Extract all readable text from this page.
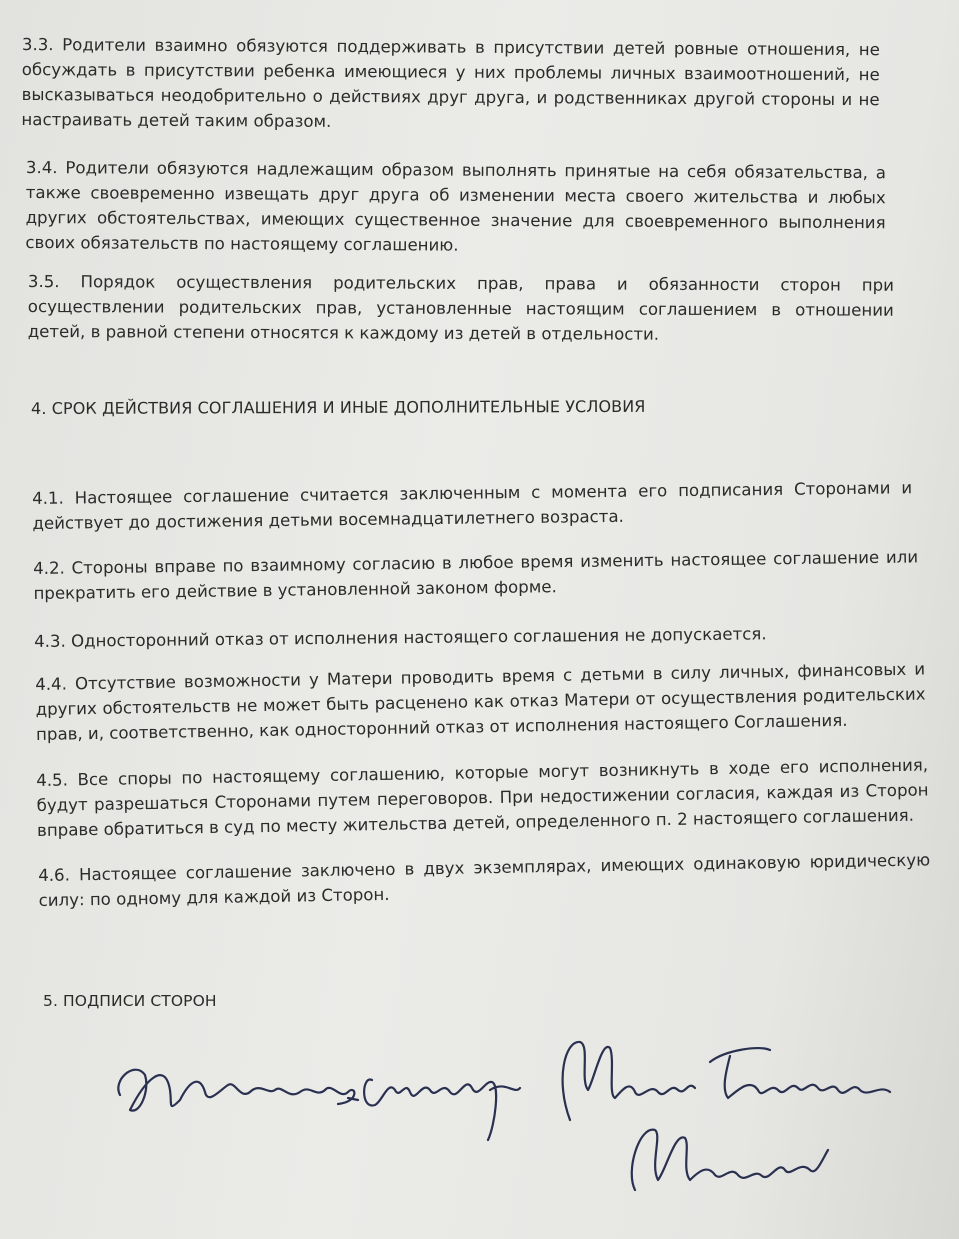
3.3. Родители взаимно обязуются поддерживать в присутствии детей ровные отношения, не обсуждать в присутствии ребенка имеющиеся у них проблемы личных взаимоотношений, не высказываться неодобрительно о действиях друг друга, и родственниках другой стороны и не настраивать детей таким образом.

3.4. Родители обязуются надлежащим образом выполнять принятые на себя обязательства, а также своевременно извещать друг друга об изменении места своего жительства и любых других обстоятельствах, имеющих существенное значение для своевременного выполнения своих обязательств по настоящему соглашению.

3.5. Порядок осуществления родительских прав, права и обязанности сторон при осуществлении родительских прав, установленные настоящим соглашением в отношении детей, в равной степени относятся к каждому из детей в отдельности.

4. СРОК ДЕЙСТВИЯ СОГЛАШЕНИЯ И ИНЫЕ ДОПОЛНИТЕЛЬНЫЕ УСЛОВИЯ

4.1. Настоящее соглашение считается заключенным с момента его подписания Сторонами и действует до достижения детьми восемнадцатилетнего возраста.

4.2. Стороны вправе по взаимному согласию в любое время изменить настоящее соглашение или прекратить его действие в установленной законом форме.

4.3. Односторонний отказ от исполнения настоящего соглашения не допускается.

4.4. Отсутствие возможности у Матери проводить время с детьми в силу личных, финансовых и других обстоятельств не может быть расценено как отказ Матери от осуществления родительских прав, и, соответственно, как односторонний отказ от исполнения настоящего Соглашения.

4.5. Все споры по настоящему соглашению, которые могут возникнуть в ходе его исполнения, будут разрешаться Сторонами путем переговоров. При недостижении согласия, каждая из Сторон вправе обратиться в суд по месту жительства детей, определенного п. 2 настоящего соглашения.

4.6. Настоящее соглашение заключено в двух экземплярах, имеющих одинаковую юридическую силу: по одному для каждой из Сторон.

5. ПОДПИСИ СТОРОН
